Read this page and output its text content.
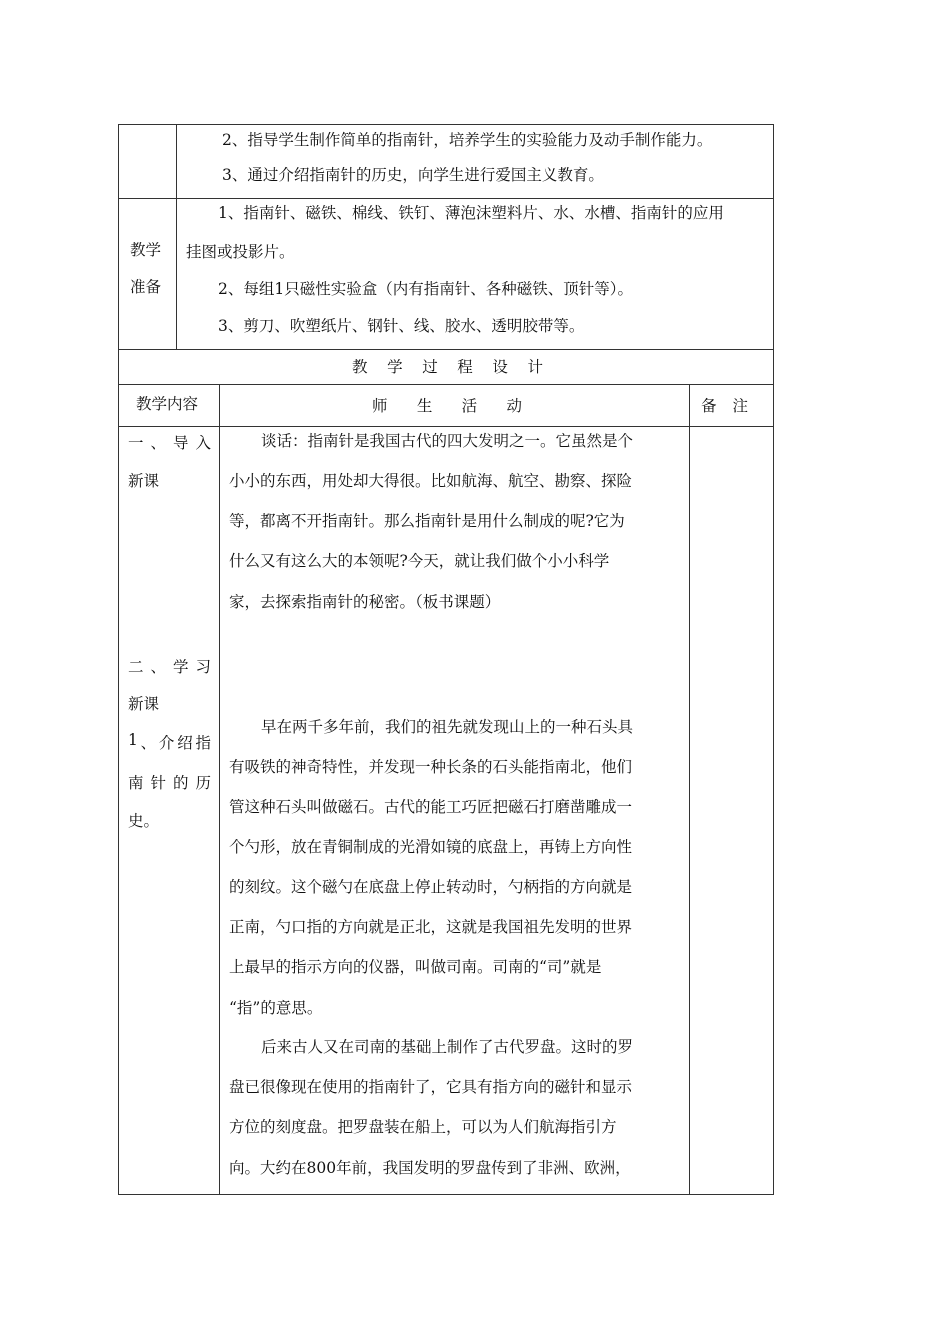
2、指导学生制作简单的指南针，培养学生的实验能力及动手制作能力。
3、通过介绍指南针的历史，向学生进行爱国主义教育。
教学
准备
1、指南针、磁铁、棉线、铁钉、薄泡沫塑料片、水、水槽、指南针的应用
挂图或投影片。
2、每组1只磁性实验盒（内有指南针、各种磁铁、顶针等）。
3、剪刀、吹塑纸片、钢针、线、胶水、透明胶带等。
教 学 过 程 设 计
教学内容	师 生 活 动	备 注
一 、 导 入
新课
二 、 学 习
新课
1 、 介 绍 指
南 针 的 历
史。
谈话：指南针是我国古代的四大发明之一。它虽然是个
小小的东西，用处却大得很。比如航海、航空、勘察、探险
等，都离不开指南针。那么指南针是用什么制成的呢?它为
什么又有这么大的本领呢?今天，就让我们做个小小科学
家，去探索指南针的秘密。（板书课题）
早在两千多年前，我们的祖先就发现山上的一种石头具
有吸铁的神奇特性，并发现一种长条的石头能指南北，他们
管这种石头叫做磁石。古代的能工巧匠把磁石打磨凿雕成一
个勺形，放在青铜制成的光滑如镜的底盘上，再铸上方向性
的刻纹。这个磁勺在底盘上停止转动时，勺柄指的方向就是
正南，勺口指的方向就是正北，这就是我国祖先发明的世界
上最早的指示方向的仪器，叫做司南。司南的“司”就是
“指”的意思。
后来古人又在司南的基础上制作了古代罗盘。这时的罗
盘已很像现在使用的指南针了，它具有指方向的磁针和显示
方位的刻度盘。把罗盘装在船上，可以为人们航海指引方
向。大约在800年前，我国发明的罗盘传到了非洲、欧洲，
